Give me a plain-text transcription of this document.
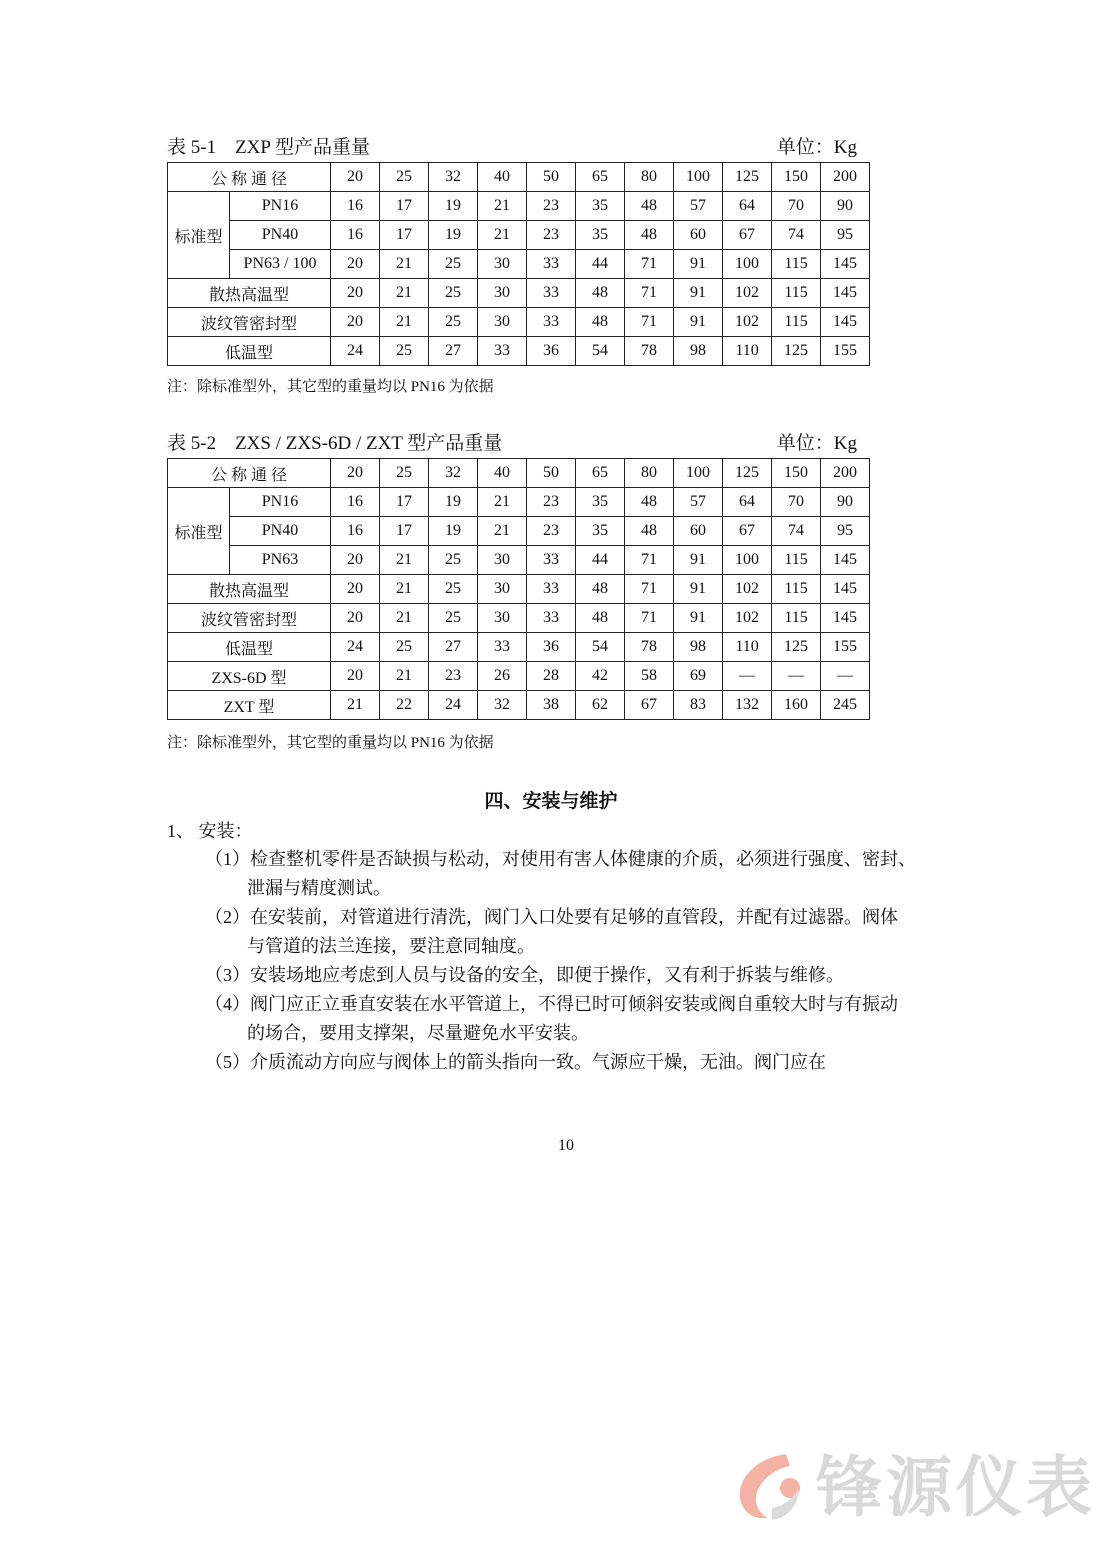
表 5-1　ZXP 型产品重量	单位：Kg
公 称 通 径		20	25	32	40	50	65	80	100	125	150	200
标准型	PN16	16	17	19	21	23	35	48	57	64	70	90
	PN40	16	17	19	21	23	35	48	60	67	74	95
	PN63 / 100	20	21	25	30	33	44	71	91	100	115	145
散热高温型		20	21	25	30	33	48	71	91	102	115	145
波纹管密封型		20	21	25	30	33	48	71	91	102	115	145
低温型		24	25	27	33	36	54	78	98	110	125	155
注：除标准型外，其它型的重量均以 PN16 为依据
表 5-2　ZXS / ZXS-6D / ZXT 型产品重量	单位：Kg
公 称 通 径		20	25	32	40	50	65	80	100	125	150	200
标准型	PN16	16	17	19	21	23	35	48	57	64	70	90
	PN40	16	17	19	21	23	35	48	60	67	74	95
	PN63	20	21	25	30	33	44	71	91	100	115	145
散热高温型		20	21	25	30	33	48	71	91	102	115	145
波纹管密封型		20	21	25	30	33	48	71	91	102	115	145
低温型		24	25	27	33	36	54	78	98	110	125	155
ZXS-6D 型		20	21	23	26	28	42	58	69	—	—	—
ZXT 型		21	22	24	32	38	62	67	83	132	160	245
注：除标准型外，其它型的重量均以 PN16 为依据
四、安装与维护
1、 安装：
（1）检查整机零件是否缺损与松动，对使用有害人体健康的介质，必须进行强度、密封、
泄漏与精度测试。
（2）在安装前，对管道进行清洗，阀门入口处要有足够的直管段，并配有过滤器。阀体
与管道的法兰连接，要注意同轴度。
（3）安装场地应考虑到人员与设备的安全，即便于操作，又有利于拆装与维修。
（4）阀门应正立垂直安装在水平管道上，不得已时可倾斜安装或阀自重较大时与有振动
的场合，要用支撑架，尽量避免水平安装。
（5）介质流动方向应与阀体上的箭头指向一致。气源应干燥，无油。阀门应在
10
锋源仪表
